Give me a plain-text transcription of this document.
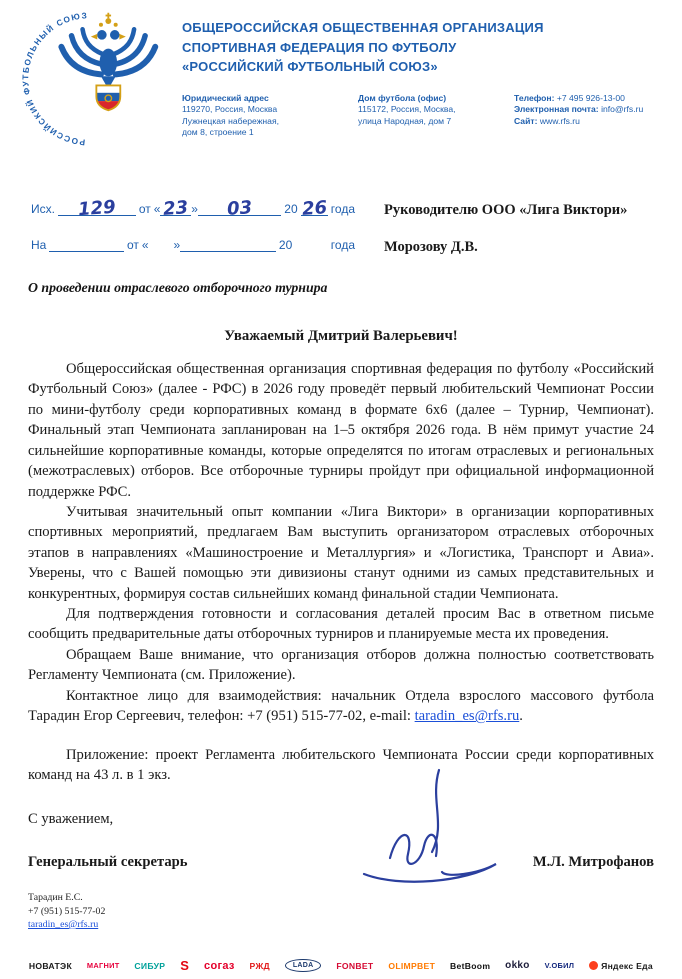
РОССИЙСКИЙ ФУТБОЛЬНЫЙ СОЮЗ
ОБЩЕРОССИЙСКАЯ ОБЩЕСТВЕННАЯ ОРГАНИЗАЦИЯ
СПОРТИВНАЯ ФЕДЕРАЦИЯ ПО ФУТБОЛУ
«РОССИЙСКИЙ ФУТБОЛЬНЫЙ СОЮЗ»
Юридический адрес
119270, Россия, Москва
Лужнецкая набережная,
дом 8, строение 1
Дом футбола (офис)
115172, Россия, Москва,
улица Народная, дом 7
Телефон: +7 495 926-13-00
Электронная почта: info@rfs.ru
Сайт: www.rfs.ru
Исх.	129	от « 23 »	03	20 26 года
На	от « »	20	года
Руководителю ООО «Лига Виктори»
Морозову Д.В.
О проведении отраслевого отборочного турнира
Уважаемый Дмитрий Валерьевич!

Общероссийская общественная организация спортивная федерация по футболу «Российский Футбольный Союз» (далее - РФС) в 2026 году проведёт первый любительский Чемпионат России по мини-футболу среди корпоративных команд в формате 6х6 (далее – Турнир, Чемпионат). Финальный этап Чемпионата запланирован на 1–5 октября 2026 года. В нём примут участие 24 сильнейшие корпоративные команды, которые определятся по итогам отраслевых и региональных (межотраслевых) отборов. Все отборочные турниры пройдут при официальной информационной поддержке РФС.

Учитывая значительный опыт компании «Лига Виктори» в организации корпоративных спортивных мероприятий, предлагаем Вам выступить организатором отраслевых отборочных этапов в направлениях «Машиностроение и Металлургия» и «Логистика, Транспорт и Авиа». Уверены, что с Вашей помощью эти дивизионы станут одними из самых представительных и конкурентных, формируя состав сильнейших команд финальной стадии Чемпионата.

Для подтверждения готовности и согласования деталей просим Вас в ответном письме сообщить предварительные даты отборочных турниров и планируемые места их проведения.

Обращаем Ваше внимание, что организация отборов должна полностью соответствовать Регламенту Чемпионата (см. Приложение).

Контактное лицо для взаимодействия: начальник Отдела взрослого массового футбола Тарадин Егор Сергеевич, телефон: +7 (951) 515-77-02, e-mail: taradin_es@rfs.ru.

Приложение: проект Регламента любительского Чемпионата России среди корпоративных команд на 43 л. в 1 экз.

С уважением,
Генеральный секретарь	М.Л. Митрофанов
Тарадин Е.С.
+7 (951) 515-77-02
taradin_es@rfs.ru
НОВАТЭК МАГНИТ СИБУР S согаз РЖД	LADA	FONBET OLIMPBET BetBoom okko V.ОБИЛ	Яндекс Еда
